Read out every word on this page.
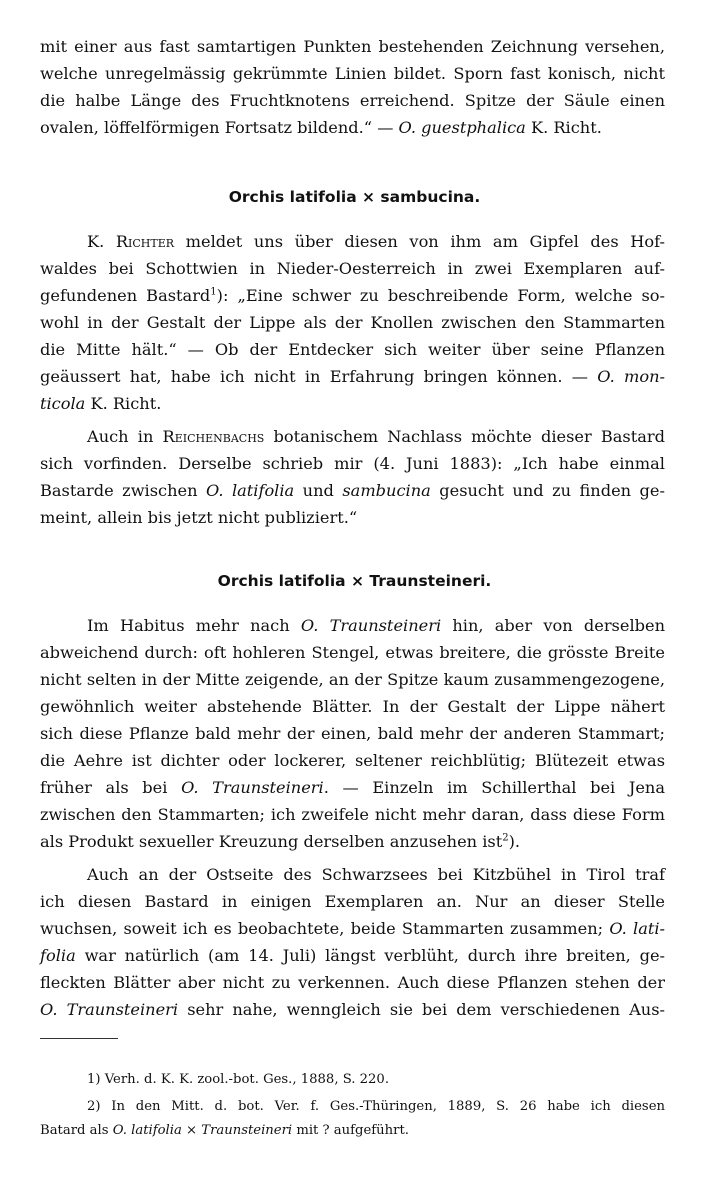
mit einer aus fast samtartigen Punkten bestehenden Zeichnung versehen,
welche unregelmässig gekrümmte Linien bildet. Sporn fast konisch, nicht
die halbe Länge des Fruchtknotens erreichend. Spitze der Säule einen
ovalen, löffelförmigen Fortsatz bildend.“ — O. guestphalica K. Richt.
Orchis latifolia × sambucina.
K. Richter meldet uns über diesen von ihm am Gipfel des Hof-
waldes bei Schottwien in Nieder-Oesterreich in zwei Exemplaren auf-
gefundenen Bastard$^1$): „Eine schwer zu beschreibende Form, welche so-
wohl in der Gestalt der Lippe als der Knollen zwischen den Stammarten
die Mitte hält.“ — Ob der Entdecker sich weiter über seine Pflanzen
geäussert hat, habe ich nicht in Erfahrung bringen können. — O. mon-
ticola K. Richt.
Auch in Reichenbachs botanischem Nachlass möchte dieser Bastard
sich vorfinden. Derselbe schrieb mir (4. Juni 1883): „Ich habe einmal
Bastarde zwischen O. latifolia und sambucina gesucht und zu finden ge-
meint, allein bis jetzt nicht publiziert.“
Orchis latifolia × Traunsteineri.
Im Habitus mehr nach O. Traunsteineri hin, aber von derselben
abweichend durch: oft hohleren Stengel, etwas breitere, die grösste Breite
nicht selten in der Mitte zeigende, an der Spitze kaum zusammengezogene,
gewöhnlich weiter abstehende Blätter. In der Gestalt der Lippe nähert
sich diese Pflanze bald mehr der einen, bald mehr der anderen Stammart;
die Aehre ist dichter oder lockerer, seltener reichblütig; Blütezeit etwas
früher als bei O. Traunsteineri. — Einzeln im Schillerthal bei Jena
zwischen den Stammarten; ich zweifele nicht mehr daran, dass diese Form
als Produkt sexueller Kreuzung derselben anzusehen ist$^2$).
Auch an der Ostseite des Schwarzsees bei Kitzbühel in Tirol traf
ich diesen Bastard in einigen Exemplaren an. Nur an dieser Stelle
wuchsen, soweit ich es beobachtete, beide Stammarten zusammen; O. lati-
folia war natürlich (am 14. Juli) längst verblüht, durch ihre breiten, ge-
fleckten Blätter aber nicht zu verkennen. Auch diese Pflanzen stehen der
O. Traunsteineri sehr nahe, wenngleich sie bei dem verschiedenen Aus-
1) Verh. d. K. K. zool.-bot. Ges., 1888, S. 220.
2) In den Mitt. d. bot. Ver. f. Ges.-Thüringen, 1889, S. 26 habe ich diesen
Batard als O. latifolia × Traunsteineri mit ? aufgeführt.
